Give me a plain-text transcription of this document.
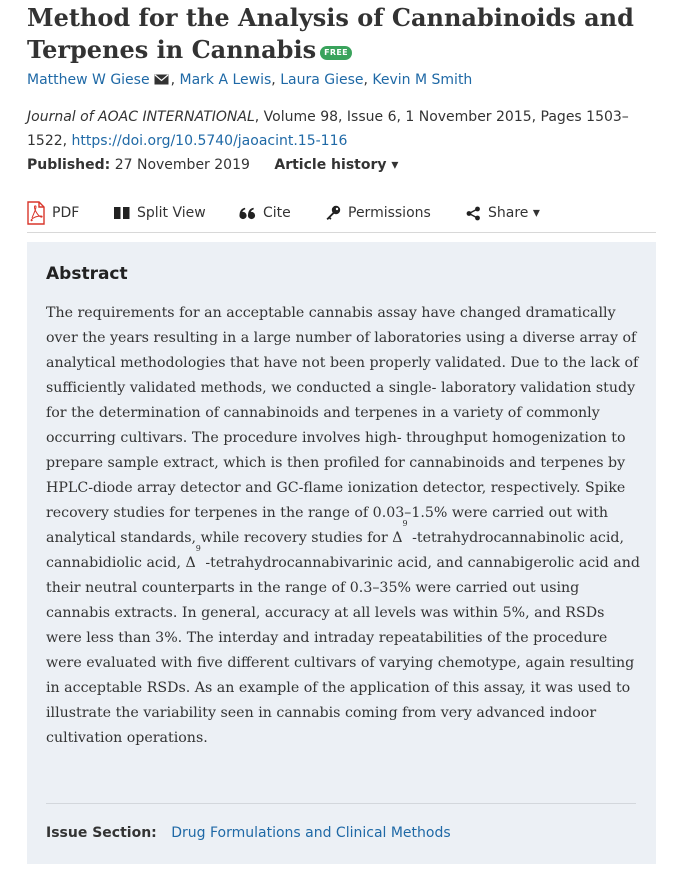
Method for the Analysis of Cannabinoids and Terpenes in Cannabis FREE
Matthew W Giese , Mark A Lewis, Laura Giese, Kevin M Smith
Journal of AOAC INTERNATIONAL, Volume 98, Issue 6, 1 November 2015, Pages 1503–1522, https://doi.org/10.5740/jaoacint.15-116
Published: 27 November 2019 Article history ▾
PDF	Split View	Cite	Permissions	Share ▾
Abstract

The requirements for an acceptable cannabis assay have changed dramatically over the years resulting in a large number of laboratories using a diverse array of analytical methodologies that have not been properly validated. Due to the lack of sufficiently validated methods, we conducted a single- laboratory validation study for the determination of cannabinoids and terpenes in a variety of commonly occurring cultivars. The procedure involves high- throughput homogenization to prepare sample extract, which is then profiled for cannabinoids and terpenes by HPLC-diode array detector and GC-flame ionization detector, respectively. Spike recovery studies for terpenes in the range of 0.03–1.5% were carried out with analytical standards, while recovery studies for $\Delta^9$ -tetrahydrocannabinolic acid, cannabidiolic acid, $\Delta^9$ -tetrahydrocannabivarinic acid, and cannabigerolic acid and their neutral counterparts in the range of 0.3–35% were carried out using cannabis extracts. In general, accuracy at all levels was within 5%, and RSDs were less than 3%. The interday and intraday repeatabilities of the procedure were evaluated with five different cultivars of varying chemotype, again resulting in acceptable RSDs. As an example of the application of this assay, it was used to illustrate the variability seen in cannabis coming from very advanced indoor cultivation operations.

Issue Section: Drug Formulations and Clinical Methods
